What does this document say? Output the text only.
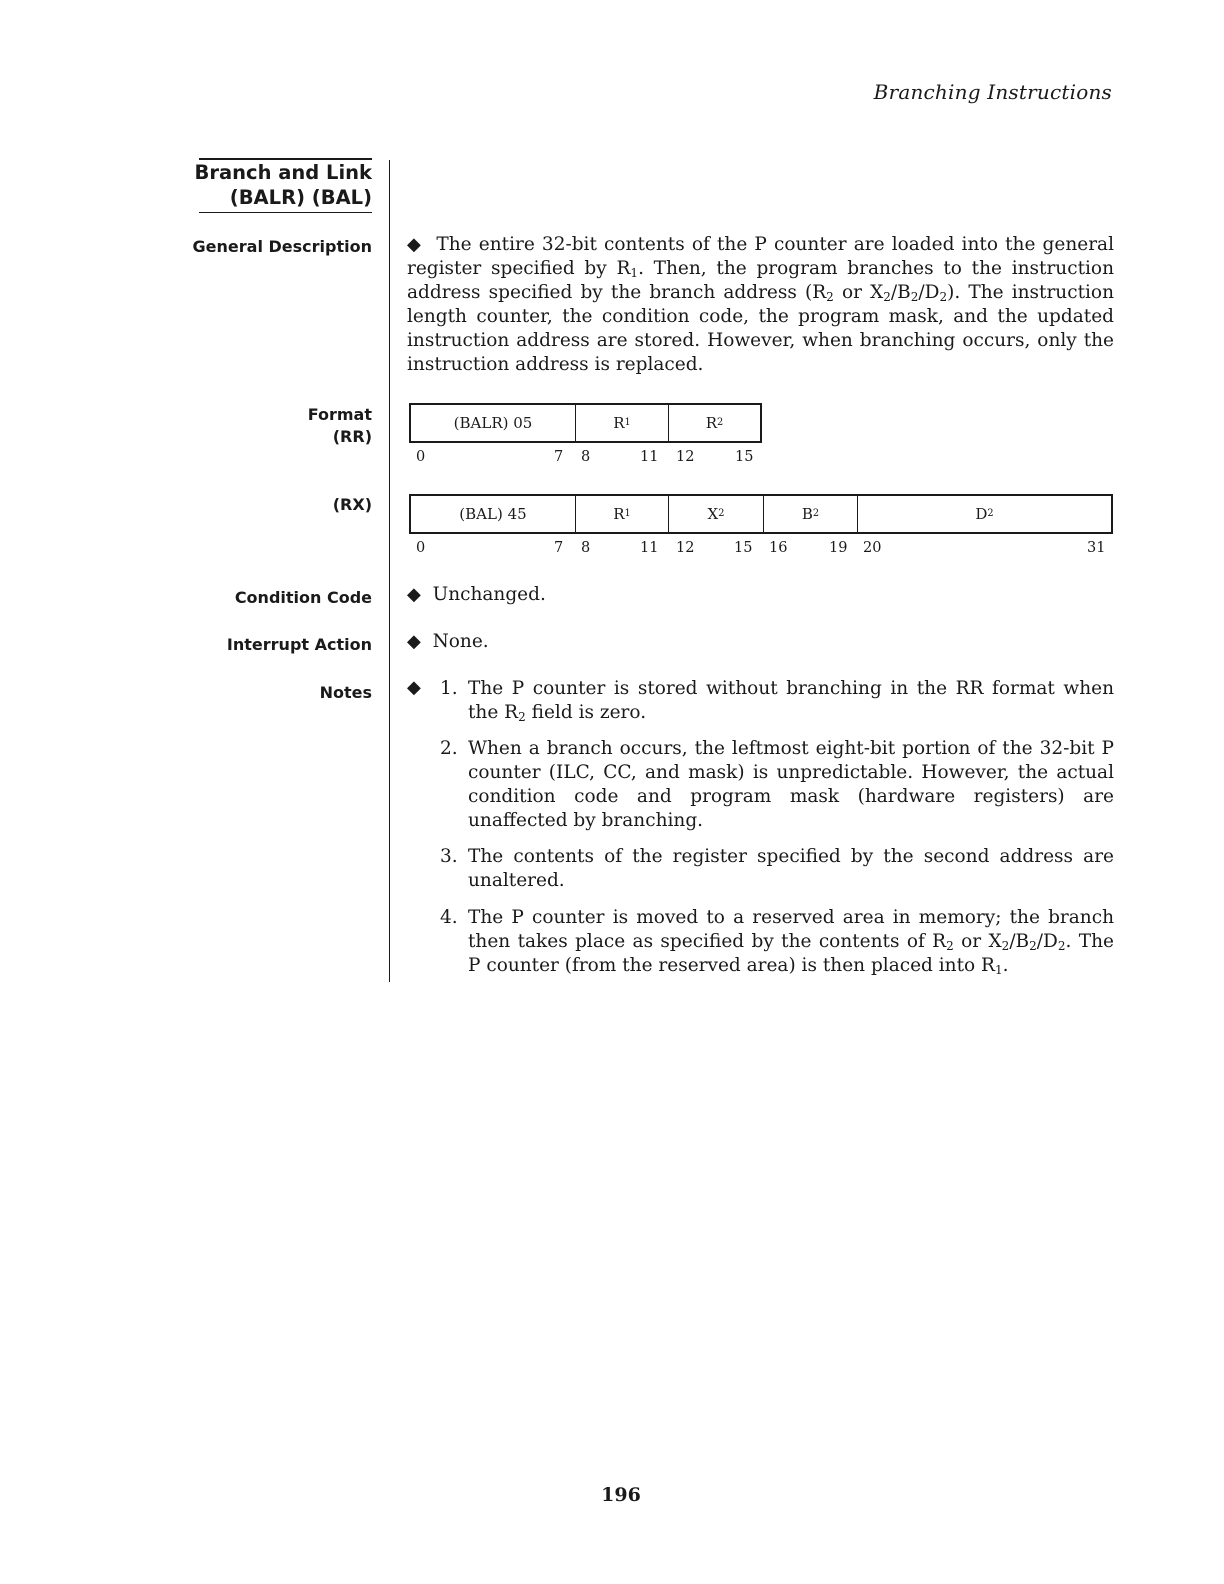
Branching Instructions
Branch and Link
(BALR) (BAL)
General Description ◆ The entire 32-bit contents of the P counter are loaded into the general register specified by $R_1$. Then, the program branches to the instruction address specified by the branch address ($R_2$ or $X_2/B_2/D_2$). The instruction length counter, the condition code, the program mask, and the updated instruction address are stored. However, when branching occurs, only the instruction address is replaced.
Format
(RR)
(BALR) 05	R 1	R 2
0	7 8	11 12	15
(RX)	(BAL) 45	R 1	X 2	B 2	D 2
0	7 8	11 12	15 16	19 20	31
Condition Code ◆ Unchanged.
Interrupt Action ◆ None.
Notes ◆ 1. The P counter is stored without branching in the RR format when the $R_2$ field is zero.
2. When a branch occurs, the leftmost eight-bit portion of the 32-bit P counter (ILC, CC, and mask) is unpredictable. However, the actual condition code and program mask (hardware registers) are unaffected by branching.
3. The contents of the register specified by the second address are unaltered.
4. The P counter is moved to a reserved area in memory; the branch then takes place as specified by the contents of $R_2$ or $X_2/B_2/D_2$. The P counter (from the reserved area) is then placed into $R_1$.
196
